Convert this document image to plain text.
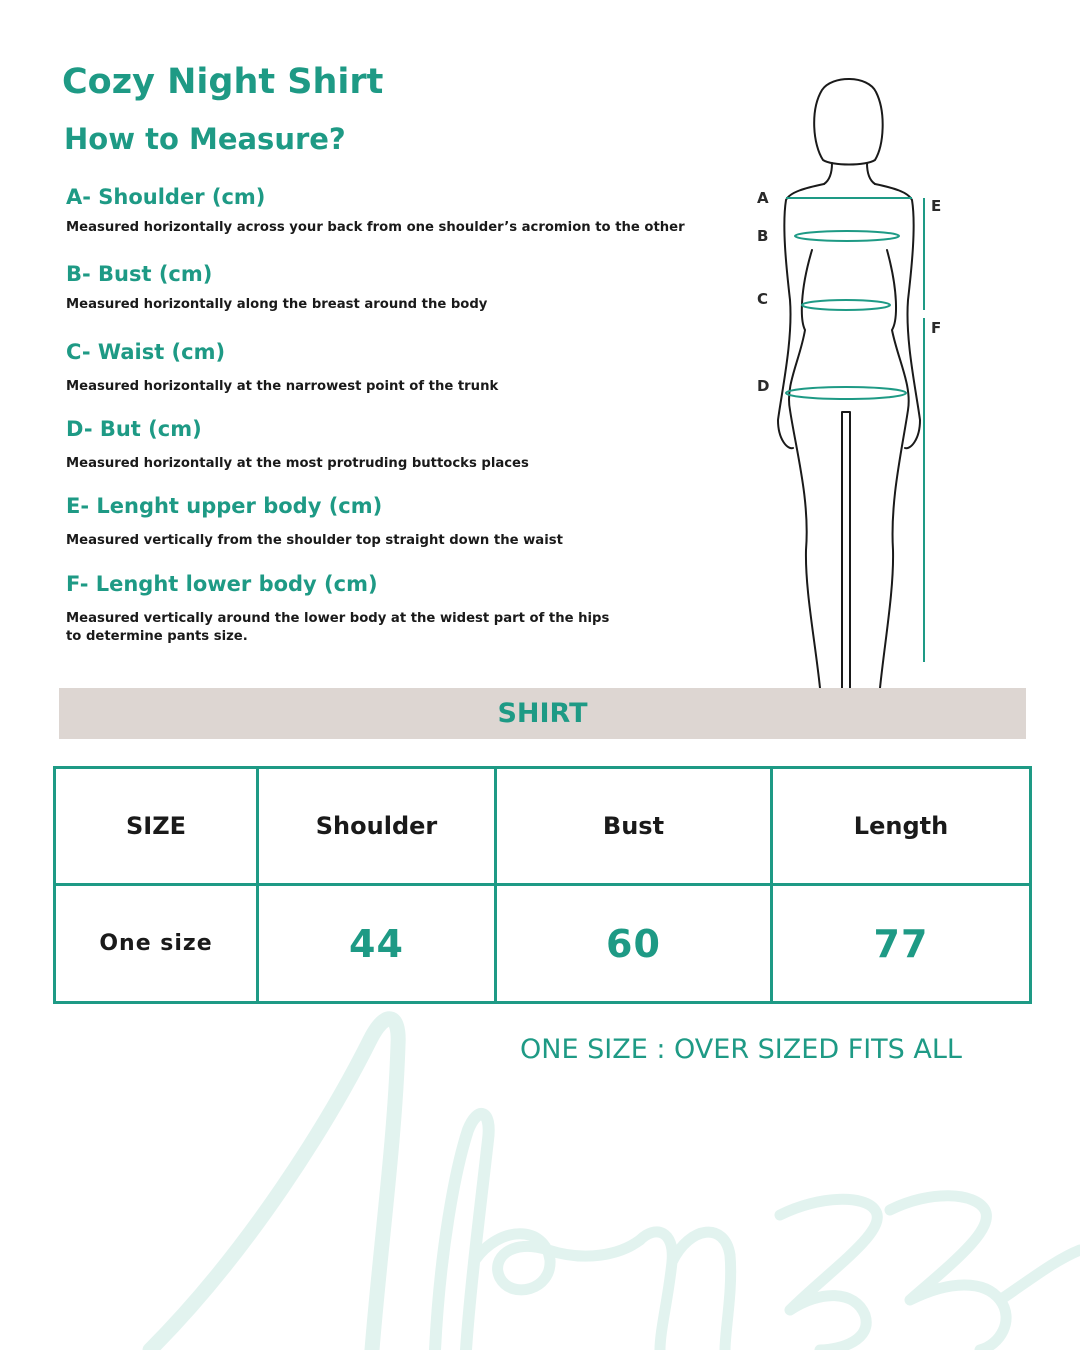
Cozy Night Shirt
How to Measure?

A- Shoulder (cm)

Measured horizontally across your back from one shoulder’s acromion to the other

B- Bust (cm)

Measured horizontally along the breast around the body

C- Waist (cm)

Measured horizontally at the narrowest point of the trunk

D- But (cm)

Measured horizontally at the most protruding buttocks places

E- Lenght upper body (cm)

Measured vertically from the shoulder top straight down the waist

F- Lenght lower body (cm)

Measured vertically around the lower body at the widest part of the hips
to determine pants size.

A
B
C
D
E
F
SHIRT
SIZE	Shoulder	Bust	Length
One size	44	60	77

ONE SIZE : OVER SIZED FITS ALL
